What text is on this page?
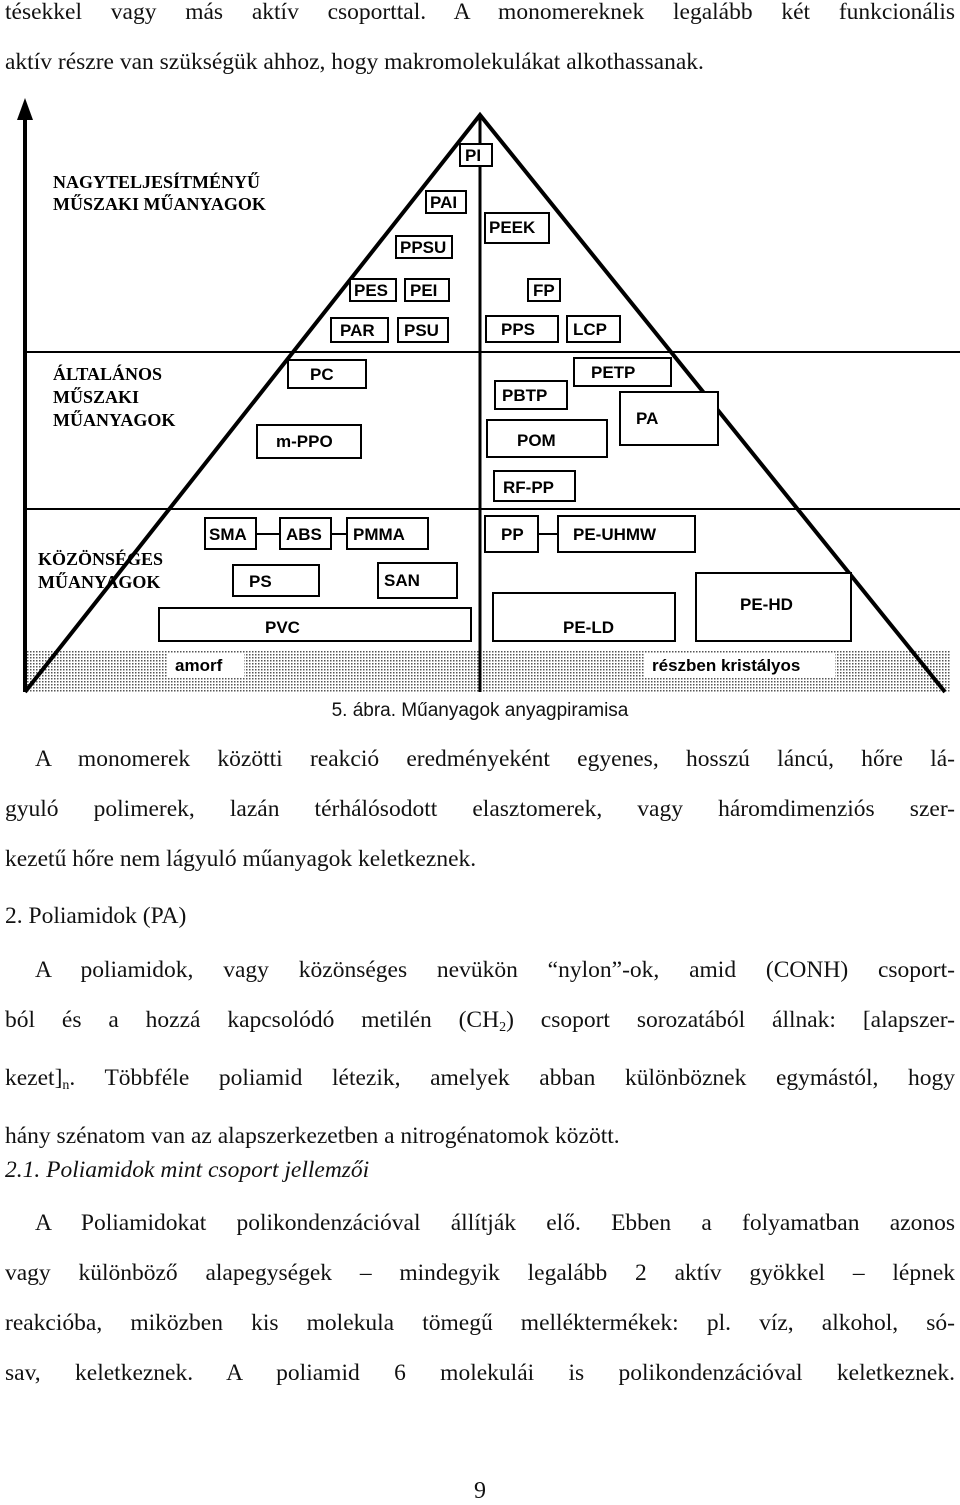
tésekkel vagy más aktív csoporttal. A monomereknek legalább két funkcionális
aktív részre van szükségük ahhoz, hogy makromolekulákat alkothassanak.
NAGYTELJESÍTMÉNYŰ
MŰSZAKI MŰANYAGOK
ÁLTALÁNOS
MŰSZAKI
MŰANYAGOK
KÖZÖNSÉGES
MŰANYAGOK
PI
PAI
PPSU
PEEK
PES PEI	FP
PAR PSU	PPS LCP
PC
m-PPO
PETP
PBTP
PA
POM
RF-PP
SMA ABS PMMA	PP	PE-UHMW
PS	SAN
PE-HD
PVC	PE-LD
amorf	részben kristályos
5. ábra. Műanyagok anyagpiramisa
A monomerek közötti reakció eredményeként egyenes, hosszú láncú, hőre lá-
gyuló polimerek, lazán térhálósodott elasztomerek, vagy háromdimenziós szer-
kezetű hőre nem lágyuló műanyagok keletkeznek.
2. Poliamidok (PA)
A poliamidok, vagy közönséges nevükön “nylon”-ok, amid (CONH) csoport-
ból és a hozzá kapcsolódó metilén $(CH_2)$ csoport sorozatából állnak: [alapszer-
$kezet]_n$. Többféle poliamid létezik, amelyek abban különböznek egymástól, hogy
hány szénatom van az alapszerkezetben a nitrogénatomok között.
2.1. Poliamidok mint csoport jellemzői
A Poliamidokat polikondenzációval állítják elő. Ebben a folyamatban azonos
vagy különböző alapegységek – mindegyik legalább 2 aktív gyökkel – lépnek
reakcióba, miközben kis molekula tömegű melléktermékek: pl. víz, alkohol, só-
sav, keletkeznek. A poliamid 6 molekulái is polikondenzációval keletkeznek.
9
